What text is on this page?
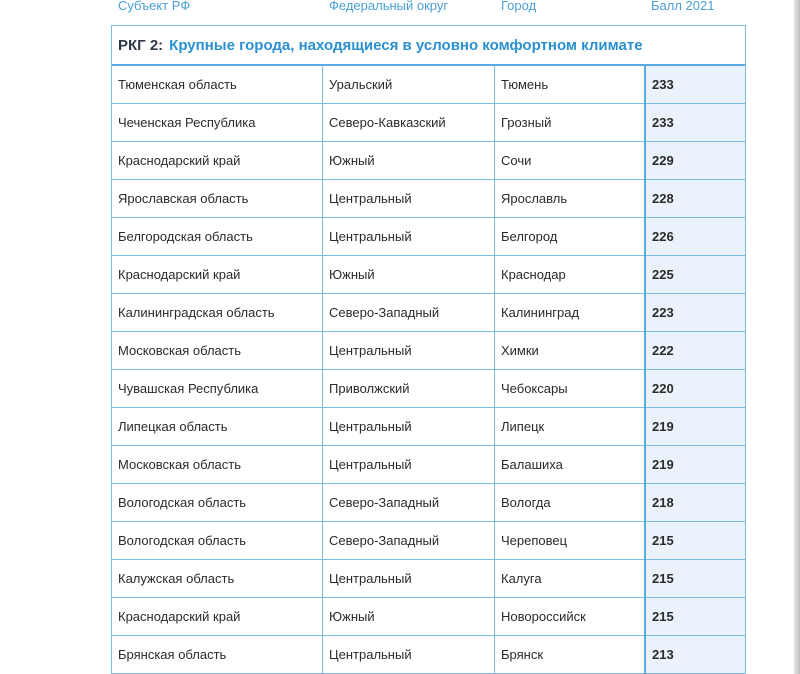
Субъект РФ	Федеральный округ	Город	Балл 2021
РКГ 2: Крупные города, находящиеся в условно комфортном климате
Тюменская область	Уральский	Тюмень	233
Чеченская Республика	Северо-Кавказский	Грозный	233
Краснодарский край	Южный	Сочи	229
Ярославская область	Центральный	Ярославль	228
Белгородская область	Центральный	Белгород	226
Краснодарский край	Южный	Краснодар	225
Калининградская область	Северо-Западный	Калининград	223
Московская область	Центральный	Химки	222
Чувашская Республика	Приволжский	Чебоксары	220
Липецкая область	Центральный	Липецк	219
Московская область	Центральный	Балашиха	219
Вологодская область	Северо-Западный	Вологда	218
Вологодская область	Северо-Западный	Череповец	215
Калужская область	Центральный	Калуга	215
Краснодарский край	Южный	Новороссийск	215
Брянская область	Центральный	Брянск	213
